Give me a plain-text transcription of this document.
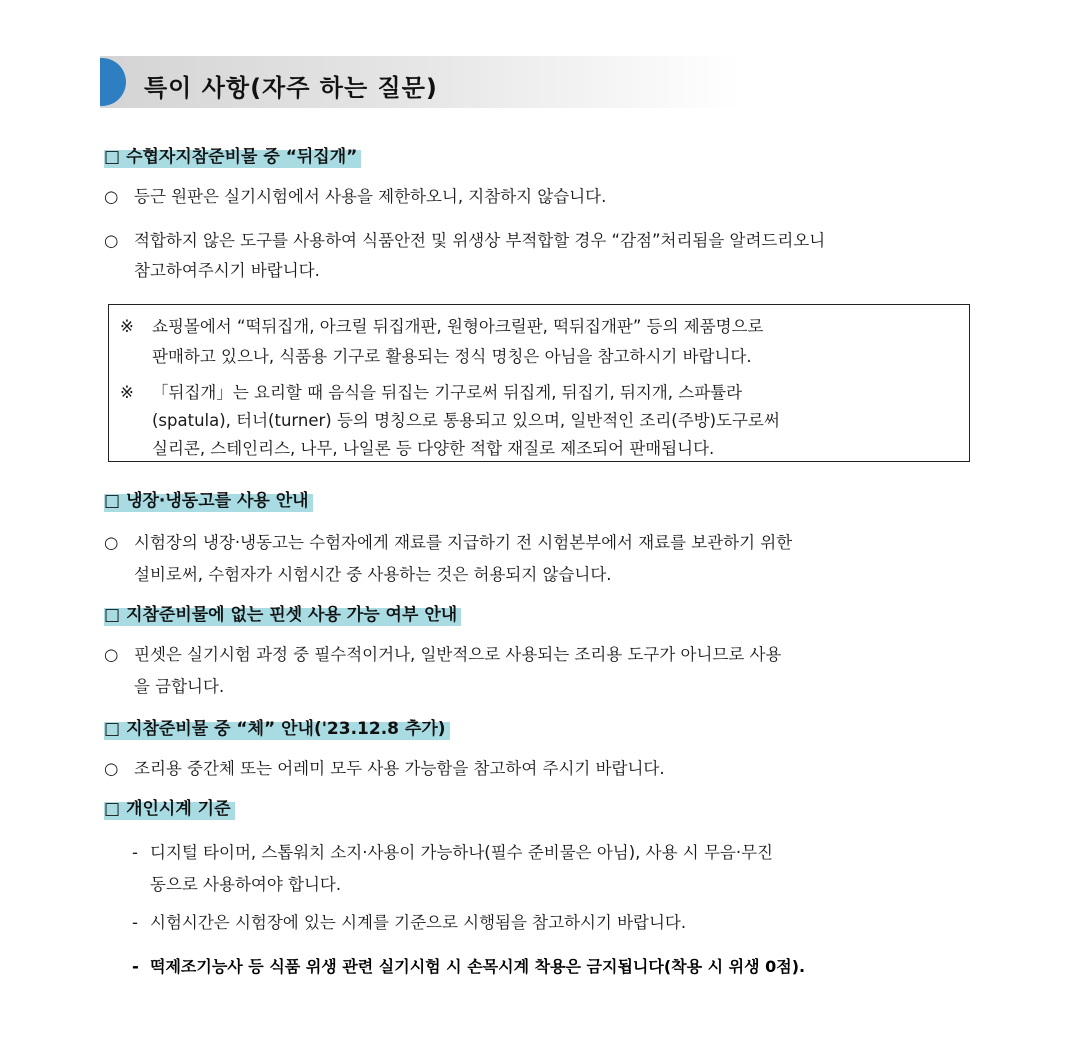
특이 사항(자주 하는 질문)
□ 수협자지참준비물 중 “뒤집개”
○ 등근 원판은 실기시험에서 사용을 제한하오니, 지참하지 않습니다.
○ 적합하지 않은 도구를 사용하여 식품안전 및 위생상 부적합할 경우 “감점”처리됨을 알려드리오니
참고하여주시기 바랍니다.
※ 쇼핑몰에서 “떡뒤집개, 아크릴 뒤집개판, 원형아크릴판, 떡뒤집개판” 등의 제품명으로
판매하고 있으나, 식품용 기구로 활용되는 정식 명칭은 아님을 참고하시기 바랍니다.
※ 「뒤집개」는 요리할 때 음식을 뒤집는 기구로써 뒤집게, 뒤집기, 뒤지개, 스파튤라
(spatula), 터너(turner) 등의 명칭으로 통용되고 있으며, 일반적인 조리(주방)도구로써
실리콘, 스테인리스, 나무, 나일론 등 다양한 적합 재질로 제조되어 판매됩니다.
□ 냉장·냉동고를 사용 안내
○ 시험장의 냉장·냉동고는 수험자에게 재료를 지급하기 전 시험본부에서 재료를 보관하기 위한
설비로써, 수험자가 시험시간 중 사용하는 것은 허용되지 않습니다.
□ 지참준비물에 없는 핀셋 사용 가능 여부 안내
○ 핀셋은 실기시험 과정 중 필수적이거나, 일반적으로 사용되는 조리용 도구가 아니므로 사용
을 금합니다.
□ 지참준비물 중 “체” 안내('23.12.8 추가)
○ 조리용 중간체 또는 어레미 모두 사용 가능함을 참고하여 주시기 바랍니다.
□ 개인시계 기준
- 디지털 타이머, 스톱워치 소지·사용이 가능하나(필수 준비물은 아님), 사용 시 무음·무진
동으로 사용하여야 합니다.
- 시험시간은 시험장에 있는 시계를 기준으로 시행됨을 참고하시기 바랍니다.
- 떡제조기능사 등 식품 위생 관련 실기시험 시 손목시계 착용은 금지됩니다(착용 시 위생 0점).
